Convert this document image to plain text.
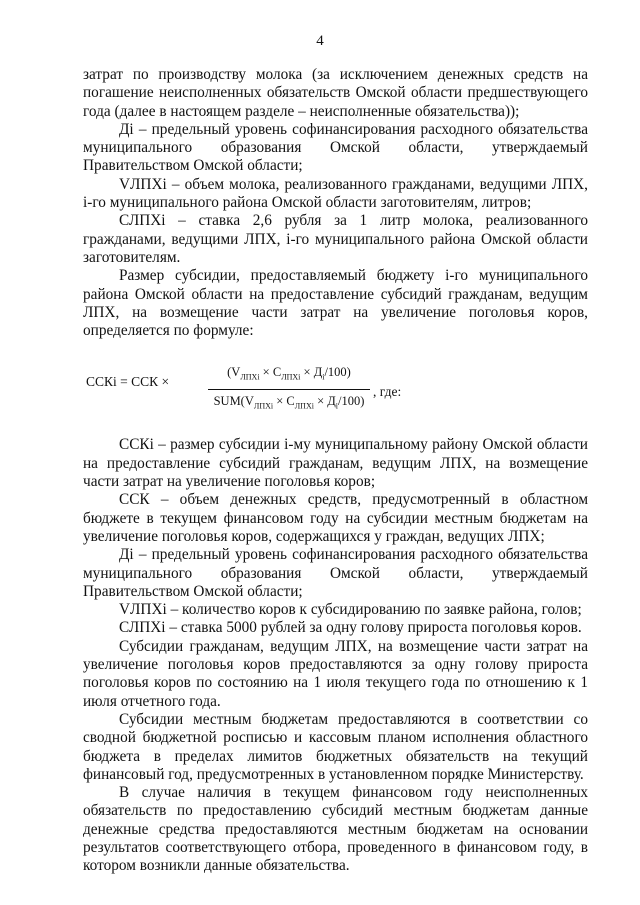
4

затрат по производству молока (за исключением денежных средств на погашение неисполненных обязательств Омской области предшествующего года (далее в настоящем разделе – неисполненные обязательства));

Дi – предельный уровень софинансирования расходного обязательства муниципального образования Омской области, утверждаемый Правительством Омской области;

VЛПХi – объем молока, реализованного гражданами, ведущими ЛПХ, i-го муниципального района Омской области заготовителям, литров;

СЛПХi – ставка 2,6 рубля за 1 литр молока, реализованного гражданами, ведущими ЛПХ, i-го муниципального района Омской области заготовителям.

Размер субсидии, предоставляемый бюджету i-го муниципального района Омской области на предоставление субсидий гражданам, ведущим ЛПХ, на возмещение части затрат на увеличение поголовья коров, определяется по формуле:

ССКi = ССК ×
$(V_{ЛПХi} \times С_{ЛПХi} \times Д_i/100)$
$SUM(V_{ЛПХi} \times С_{ЛПХi} \times Д_i/100)$
, где:

ССКi – размер субсидии i-му муниципальному району Омской области на предоставление субсидий гражданам, ведущим ЛПХ, на возмещение части затрат на увеличение поголовья коров;

ССК – объем денежных средств, предусмотренный в областном бюджете в текущем финансовом году на субсидии местным бюджетам на увеличение поголовья коров, содержащихся у граждан, ведущих ЛПХ;

Дi – предельный уровень софинансирования расходного обязательства муниципального образования Омской области, утверждаемый Правительством Омской области;

VЛПХi – количество коров к субсидированию по заявке района, голов;

СЛПХi – ставка 5000 рублей за одну голову прироста поголовья коров.

Субсидии гражданам, ведущим ЛПХ, на возмещение части затрат на увеличение поголовья коров предоставляются за одну голову прироста поголовья коров по состоянию на 1 июля текущего года по отношению к 1 июля отчетного года.

Субсидии местным бюджетам предоставляются в соответствии со сводной бюджетной росписью и кассовым планом исполнения областного бюджета в пределах лимитов бюджетных обязательств на текущий финансовый год, предусмотренных в установленном порядке Министерству.

В случае наличия в текущем финансовом году неисполненных обязательств по предоставлению субсидий местным бюджетам данные денежные средства предоставляются местным бюджетам на основании результатов соответствующего отбора, проведенного в финансовом году, в котором возникли данные обязательства.
